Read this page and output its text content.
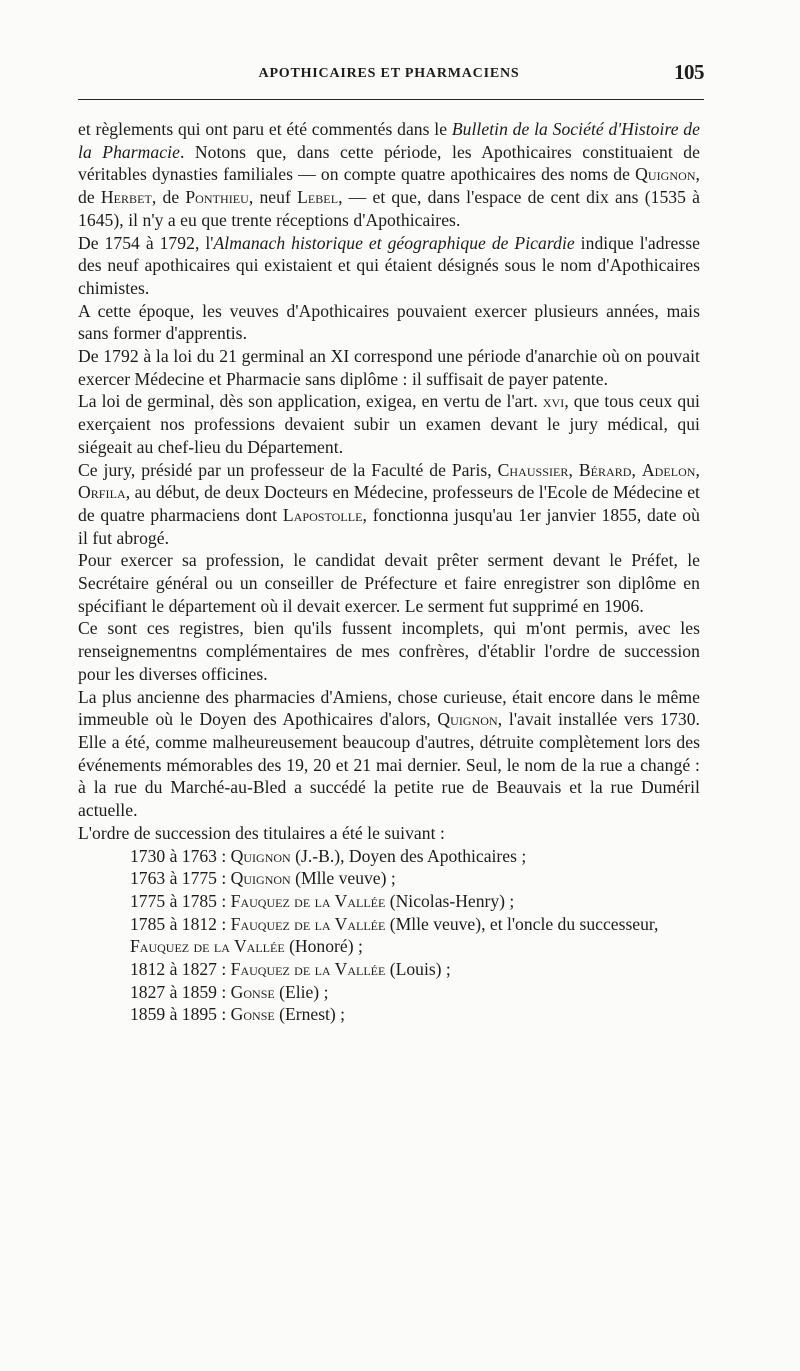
APOTHICAIRES ET PHARMACIENS	105

et règlements qui ont paru et été commentés dans le Bulletin de la Société d'Histoire de la Pharmacie. Notons que, dans cette période, les Apothicaires constituaient de véritables dynasties familiales — on compte quatre apothicaires des noms de Quignon, de Herbet, de Ponthieu, neuf Lebel, — et que, dans l'espace de cent dix ans (1535 à 1645), il n'y a eu que trente réceptions d'Apothicaires.

De 1754 à 1792, l'Almanach historique et géographique de Picardie indique l'adresse des neuf apothicaires qui existaient et qui étaient désignés sous le nom d'Apothicaires chimistes.

A cette époque, les veuves d'Apothicaires pouvaient exercer plusieurs années, mais sans former d'apprentis.

De 1792 à la loi du 21 germinal an XI correspond une période d'anarchie où on pouvait exercer Médecine et Pharmacie sans diplôme : il suffisait de payer patente.

La loi de germinal, dès son application, exigea, en vertu de l'art. xvi, que tous ceux qui exerçaient nos professions devaient subir un examen devant le jury médical, qui siégeait au chef-lieu du Département.

Ce jury, présidé par un professeur de la Faculté de Paris, Chaussier, Bérard, Adelon, Orfila, au début, de deux Docteurs en Médecine, professeurs de l'Ecole de Médecine et de quatre pharmaciens dont Lapostolle, fonctionna jusqu'au 1er janvier 1855, date où il fut abrogé.

Pour exercer sa profession, le candidat devait prêter serment devant le Préfet, le Secrétaire général ou un conseiller de Préfecture et faire enregistrer son diplôme en spécifiant le département où il devait exercer. Le serment fut supprimé en 1906.

Ce sont ces registres, bien qu'ils fussent incomplets, qui m'ont permis, avec les renseignementns complémentaires de mes confrères, d'établir l'ordre de succession pour les diverses officines.

La plus ancienne des pharmacies d'Amiens, chose curieuse, était encore dans le même immeuble où le Doyen des Apothicaires d'alors, Quignon, l'avait installée vers 1730. Elle a été, comme malheureusement beaucoup d'autres, détruite complètement lors des événements mémorables des 19, 20 et 21 mai dernier. Seul, le nom de la rue a changé : à la rue du Marché-au-Bled a succédé la petite rue de Beauvais et la rue Duméril actuelle.

L'ordre de succession des titulaires a été le suivant :

1730 à 1763 : Quignon (J.-B.), Doyen des Apothicaires ;
1763 à 1775 : Quignon (Mlle veuve) ;
1775 à 1785 : Fauquez de la Vallée (Nicolas-Henry) ;
1785 à 1812 : Fauquez de la Vallée (Mlle veuve), et l'oncle du successeur, Fauquez de la Vallée (Honoré) ;
1812 à 1827 : Fauquez de la Vallée (Louis) ;
1827 à 1859 : Gonse (Elie) ;
1859 à 1895 : Gonse (Ernest) ;
